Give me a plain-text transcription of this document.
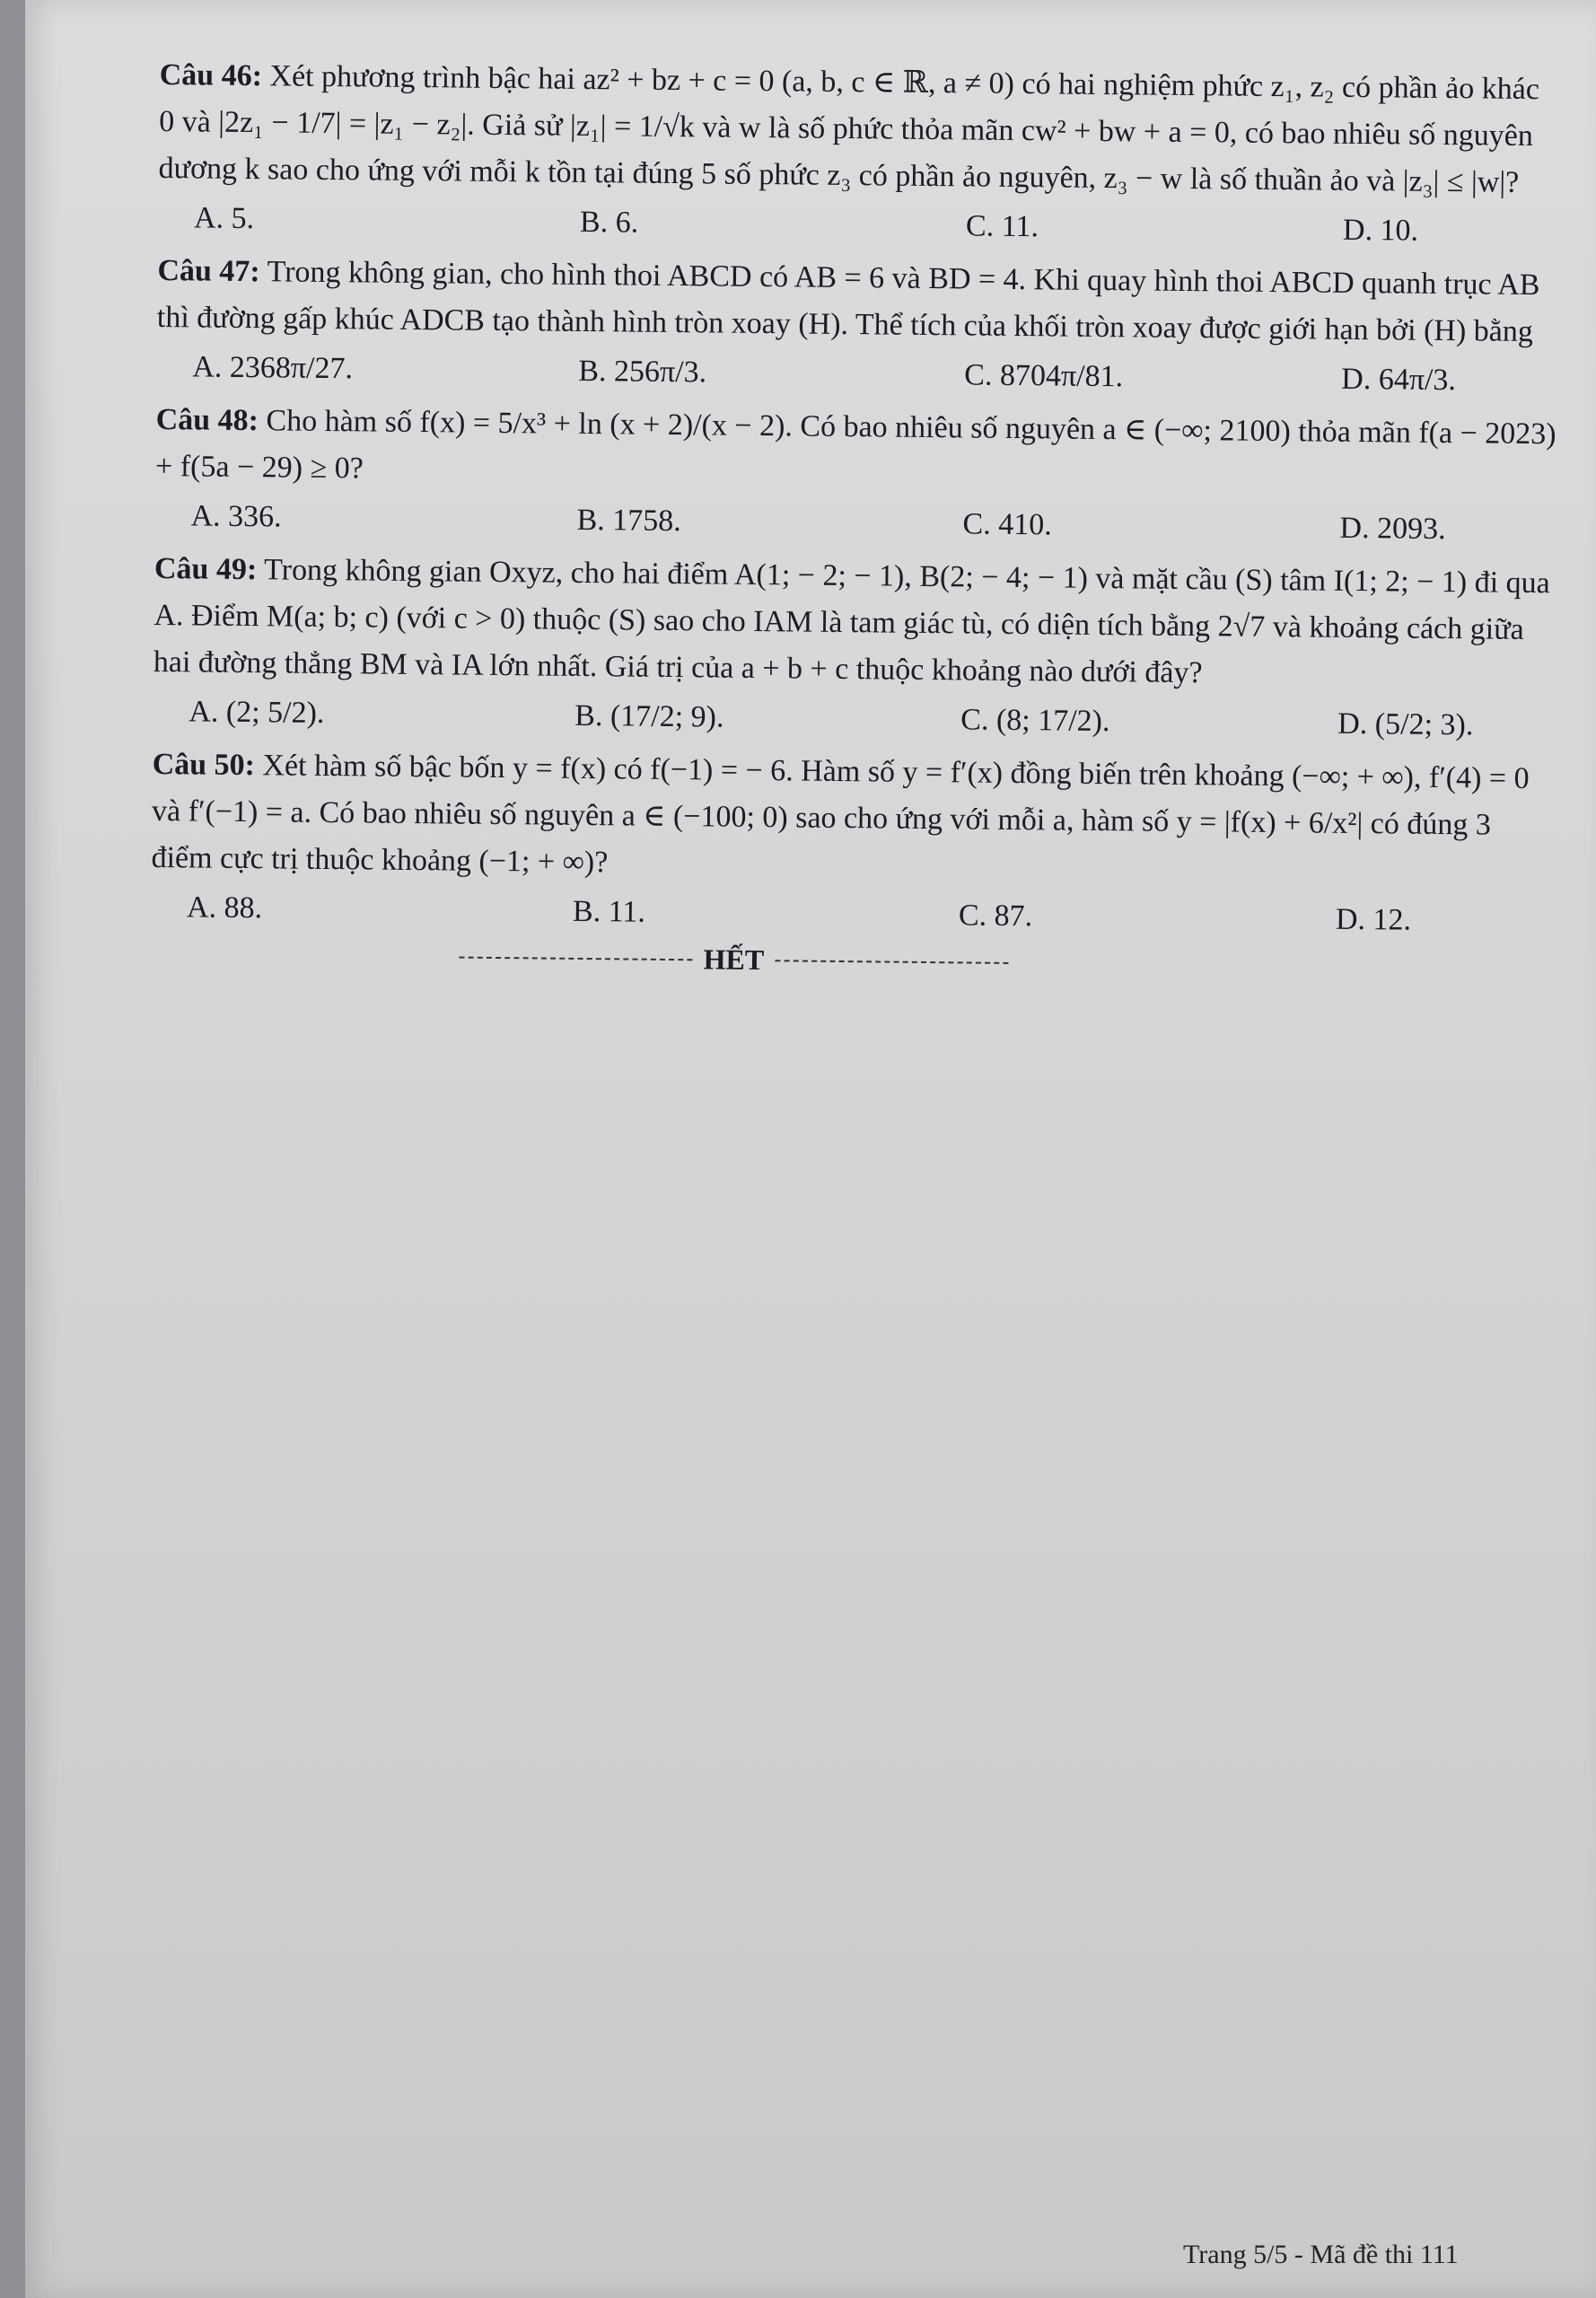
Câu 46: Xét phương trình bậc hai az² + bz + c = 0 (a, b, c ∈ ℝ, a ≠ 0) có hai nghiệm phức z₁, z₂ có phần ảo khác 0 và |2z₁ − 1/7| = |z₁ − z₂|. Giả sử |z₁| = 1/√k và w là số phức thỏa mãn cw² + bw + a = 0, có bao nhiêu số nguyên dương k sao cho ứng với mỗi k tồn tại đúng 5 số phức z₃ có phần ảo nguyên, z₃ − w là số thuần ảo và |z₃| ≤ |w|?
A. 5.	B. 6.	C. 11.	D. 10.
Câu 47: Trong không gian, cho hình thoi ABCD có AB = 6 và BD = 4. Khi quay hình thoi ABCD quanh trục AB thì đường gấp khúc ADCB tạo thành hình tròn xoay (H). Thể tích của khối tròn xoay được giới hạn bởi (H) bằng
A. 2368π/27.	B. 256π/3.	C. 8704π/81.	D. 64π/3.
Câu 48: Cho hàm số f(x) = 5/x³ + ln (x + 2)/(x − 2). Có bao nhiêu số nguyên a ∈ (−∞; 2100) thỏa mãn f(a − 2023) + f(5a − 29) ≥ 0?
A. 336.	B. 1758.	C. 410.	D. 2093.
Câu 49: Trong không gian Oxyz, cho hai điểm A(1; − 2; − 1), B(2; − 4; − 1) và mặt cầu (S) tâm I(1; 2; − 1) đi qua A. Điểm M(a; b; c) (với c > 0) thuộc (S) sao cho IAM là tam giác tù, có diện tích bằng 2√7 và khoảng cách giữa hai đường thẳng BM và IA lớn nhất. Giá trị của a + b + c thuộc khoảng nào dưới đây?
A. (2; 5/2).	B. (17/2; 9).	C. (8; 17/2).	D. (5/2; 3).
Câu 50: Xét hàm số bậc bốn y = f(x) có f(−1) = − 6. Hàm số y = f′(x) đồng biến trên khoảng (−∞; + ∞), f′(4) = 0 và f′(−1) = a. Có bao nhiêu số nguyên a ∈ (−100; 0) sao cho ứng với mỗi a, hàm số y = |f(x) + 6/x²| có đúng 3 điểm cực trị thuộc khoảng (−1; + ∞)?
A. 88.	B. 11.	C. 87.	D. 12.
HẾT
Trang 5/5 - Mã đề thi 111
